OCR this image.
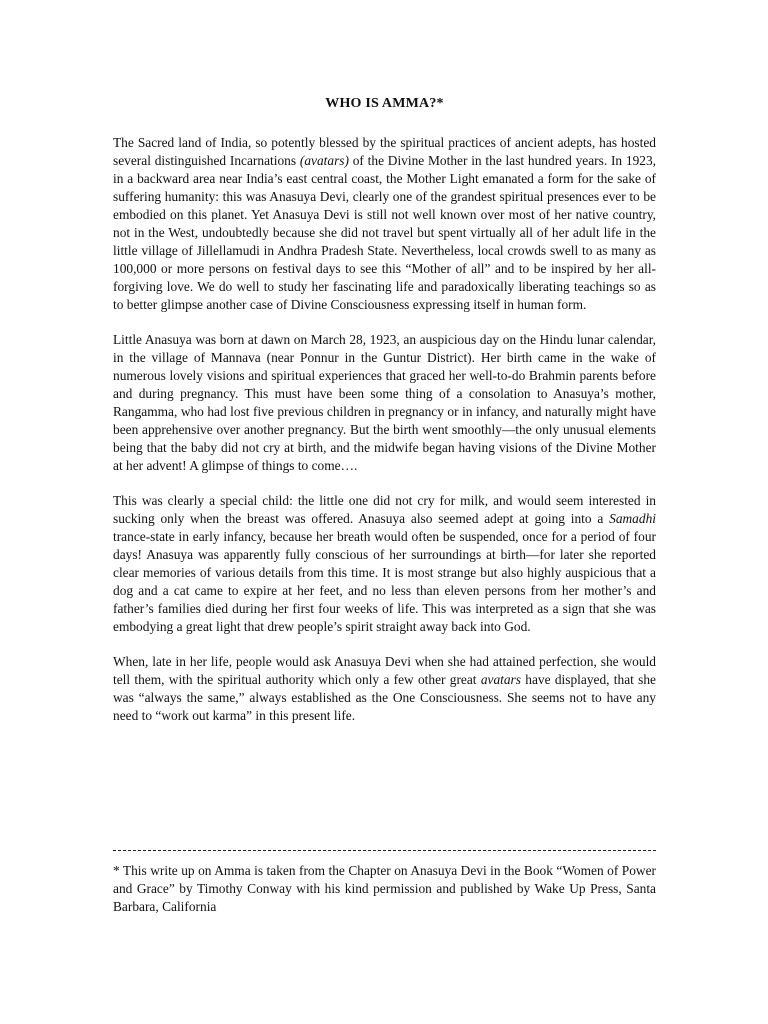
WHO IS AMMA?*

The Sacred land of India, so potently blessed by the spiritual practices of ancient adepts, has hosted several distinguished Incarnations (avatars) of the Divine Mother in the last hundred years. In 1923, in a backward area near India’s east central coast, the Mother Light emanated a form for the sake of suffering humanity: this was Anasuya Devi, clearly one of the grandest spiritual presences ever to be embodied on this planet. Yet Anasuya Devi is still not well known over most of her native country, not in the West, undoubtedly because she did not travel but spent virtually all of her adult life in the little village of Jillellamudi in Andhra Pradesh State. Nevertheless, local crowds swell to as many as 100,000 or more persons on festival days to see this “Mother of all” and to be inspired by her all-forgiving love. We do well to study her fascinating life and paradoxically liberating teachings so as to better glimpse another case of Divine Consciousness expressing itself in human form.

Little Anasuya was born at dawn on March 28, 1923, an auspicious day on the Hindu lunar calendar, in the village of Mannava (near Ponnur in the Guntur District). Her birth came in the wake of numerous lovely visions and spiritual experiences that graced her well-to-do Brahmin parents before and during pregnancy. This must have been some thing of a consolation to Anasuya’s mother, Rangamma, who had lost five previous children in pregnancy or in infancy, and naturally might have been apprehensive over another pregnancy. But the birth went smoothly—the only unusual elements being that the baby did not cry at birth, and the midwife began having visions of the Divine Mother at her advent! A glimpse of things to come….

This was clearly a special child: the little one did not cry for milk, and would seem interested in sucking only when the breast was offered. Anasuya also seemed adept at going into a Samadhi trance-state in early infancy, because her breath would often be suspended, once for a period of four days! Anasuya was apparently fully conscious of her surroundings at birth—for later she reported clear memories of various details from this time. It is most strange but also highly auspicious that a dog and a cat came to expire at her feet, and no less than eleven persons from her mother’s and father’s families died during her first four weeks of life. This was interpreted as a sign that she was embodying a great light that drew people’s spirit straight away back into God.

When, late in her life, people would ask Anasuya Devi when she had attained perfection, she would tell them, with the spiritual authority which only a few other great avatars have displayed, that she was “always the same,” always established as the One Consciousness. She seems not to have any need to “work out karma” in this present life.

* This write up on Amma is taken from the Chapter on Anasuya Devi in the Book “Women of Power and Grace” by Timothy Conway with his kind permission and published by Wake Up Press, Santa Barbara, California
